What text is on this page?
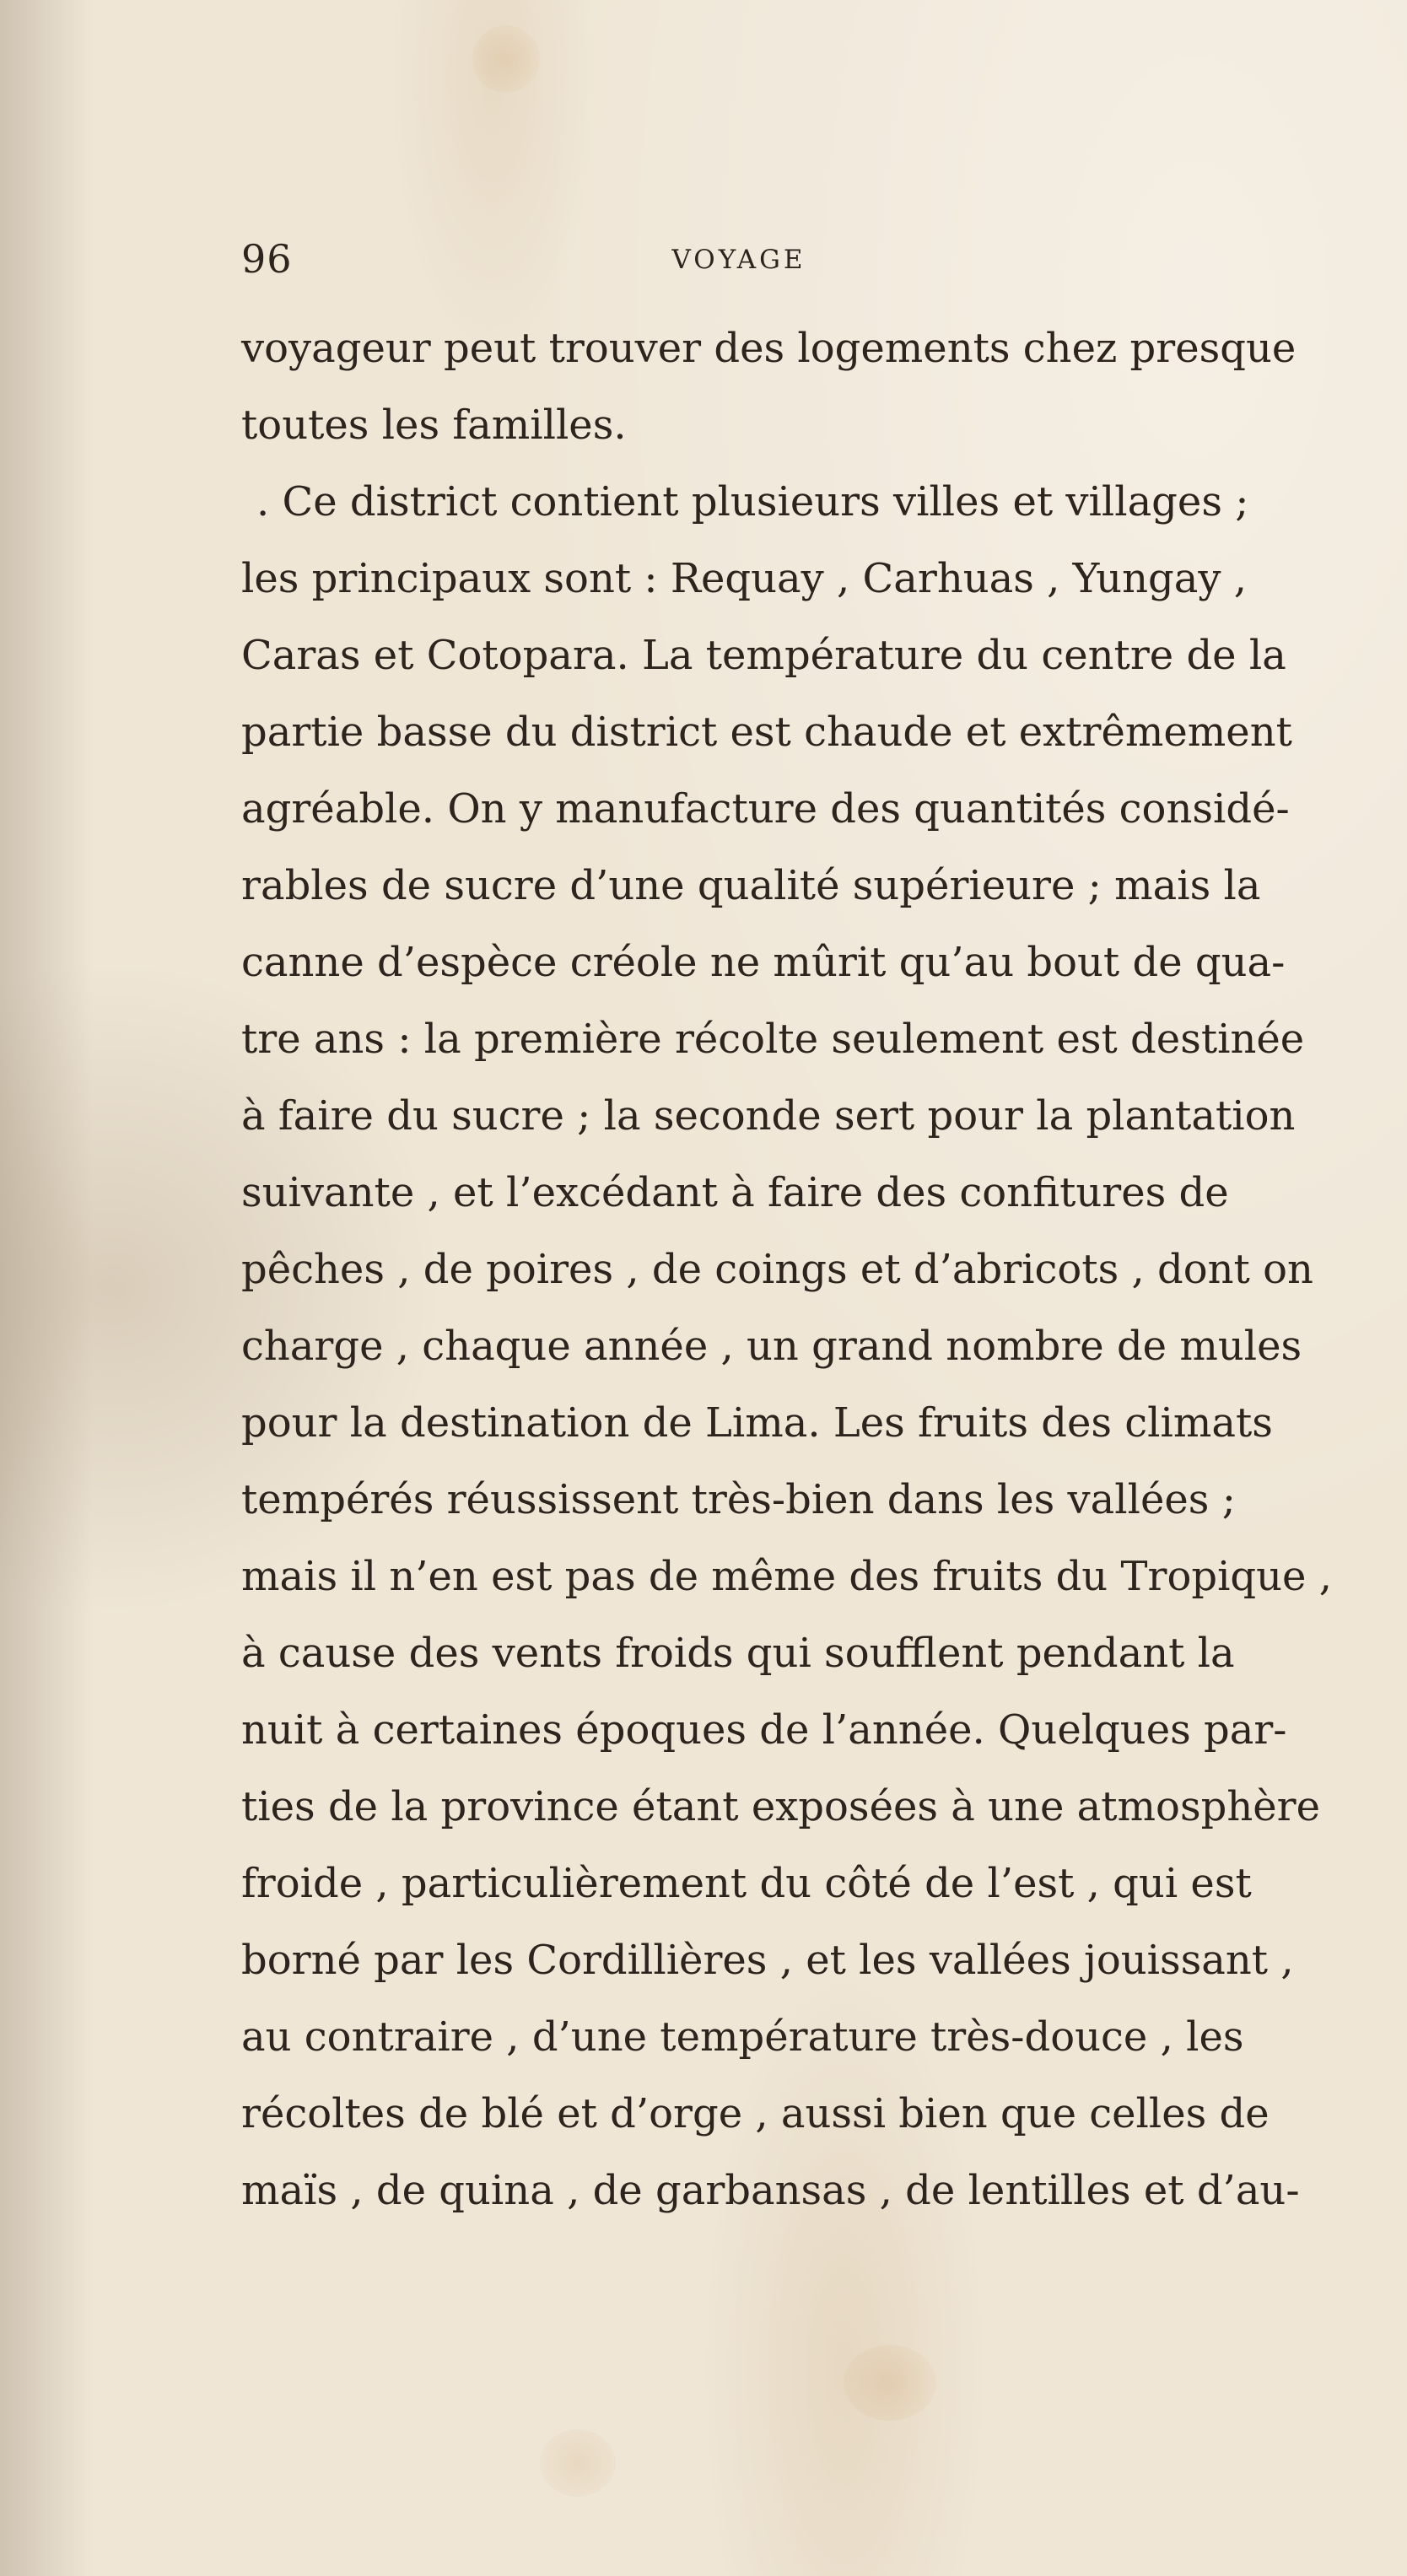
96	VOYAGE
voyageur peut trouver des logements chez presque
toutes les familles.
. Ce district contient plusieurs villes et villages ;
les principaux sont : Requay , Carhuas , Yungay ,
Caras et Cotopara. La température du centre de la
partie basse du district est chaude et extrêmement
agréable. On y manufacture des quantités considé-
rables de sucre d’une qualité supérieure ; mais la
canne d’espèce créole ne mûrit qu’au bout de qua-
tre ans : la première récolte seulement est destinée
à faire du sucre ; la seconde sert pour la plantation
suivante , et l’excédant à faire des confitures de
pêches , de poires , de coings et d’abricots , dont on
charge , chaque année , un grand nombre de mules
pour la destination de Lima. Les fruits des climats
tempérés réussissent très-bien dans les vallées ;
mais il n’en est pas de même des fruits du Tropique ,
à cause des vents froids qui soufflent pendant la
nuit à certaines époques de l’année. Quelques par-
ties de la province étant exposées à une atmosphère
froide , particulièrement du côté de l’est , qui est
borné par les Cordillières , et les vallées jouissant ,
au contraire , d’une température très-douce , les
récoltes de blé et d’orge , aussi bien que celles de
maïs , de quina , de garbansas , de lentilles et d’au-
